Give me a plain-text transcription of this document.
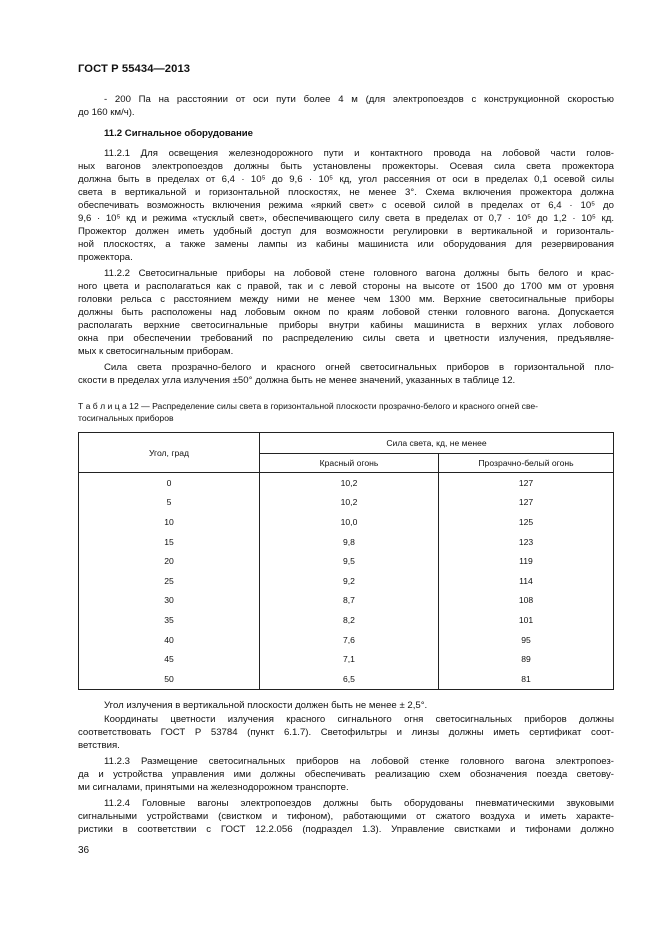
ГОСТ Р 55434—2013
- 200 Па на расстоянии от оси пути более 4 м (для электропоездов с конструкционной скоростью
до 160 км/ч).
11.2 Сигнальное оборудование
11.2.1 Для освещения железнодорожного пути и контактного провода на лобовой части голов-
ных вагонов электропоездов должны быть установлены прожекторы. Осевая сила света прожектора
должна быть в пределах от 6,4 · 10⁵ до 9,6 · 10⁵ кд, угол рассеяния от оси в пределах 0,1 осевой силы
света в вертикальной и горизонтальной плоскостях, не менее 3°. Схема включения прожектора должна
обеспечивать возможность включения режима «яркий свет» с осевой силой в пределах от 6,4 · 10⁵ до
9,6 · 10⁵ кд и режима «тусклый свет», обеспечивающего силу света в пределах от 0,7 · 10⁵ до 1,2 · 10⁵ кд.
Прожектор должен иметь удобный доступ для возможности регулировки в вертикальной и горизонталь-
ной плоскостях, а также замены лампы из кабины машиниста или оборудования для резервирования
прожектора.
11.2.2 Светосигнальные приборы на лобовой стене головного вагона должны быть белого и крас-
ного цвета и располагаться как с правой, так и с левой стороны на высоте от 1500 до 1700 мм от уровня
головки рельса с расстоянием между ними не менее чем 1300 мм. Верхние светосигнальные приборы
должны быть расположены над лобовым окном по краям лобовой стенки головного вагона. Допускается
располагать верхние светосигнальные приборы внутри кабины машиниста в верхних углах лобового
окна при обеспечении требований по распределению силы света и цветности излучения, предъявляе-
мых к светосигнальным приборам.
Сила света прозрачно-белого и красного огней светосигнальных приборов в горизонтальной пло-
скости в пределах угла излучения ±50° должна быть не менее значений, указанных в таблице 12.
Т а б л и ц а 12 — Распределение силы света в горизонтальной плоскости прозрачно-белого и красного огней све-
тосигнальных приборов
Угол, град	Сила света, кд, не менее	
	Красный огонь	Прозрачно-белый огонь
0	10,2	127
5	10,2	127
10	10,0	125
15	9,8	123
20	9,5	119
25	9,2	114
30	8,7	108
35	8,2	101
40	7,6	95
45	7,1	89
50	6,5	81
Угол излучения в вертикальной плоскости должен быть не менее ± 2,5°.
Координаты цветности излучения красного сигнального огня светосигнальных приборов должны
соответствовать ГОСТ Р 53784 (пункт 6.1.7). Светофильтры и линзы должны иметь сертификат соот-
ветствия.
11.2.3 Размещение светосигнальных приборов на лобовой стенке головного вагона электропоез-
да и устройства управления ими должны обеспечивать реализацию схем обозначения поезда светову-
ми сигналами, принятыми на железнодорожном транспорте.
11.2.4 Головные вагоны электропоездов должны быть оборудованы пневматическими звуковыми
сигнальными устройствами (свистком и тифоном), работающими от сжатого воздуха и иметь характе-
ристики в соответствии с ГОСТ 12.2.056 (подраздел 1.3). Управление свистками и тифонами должно
36
